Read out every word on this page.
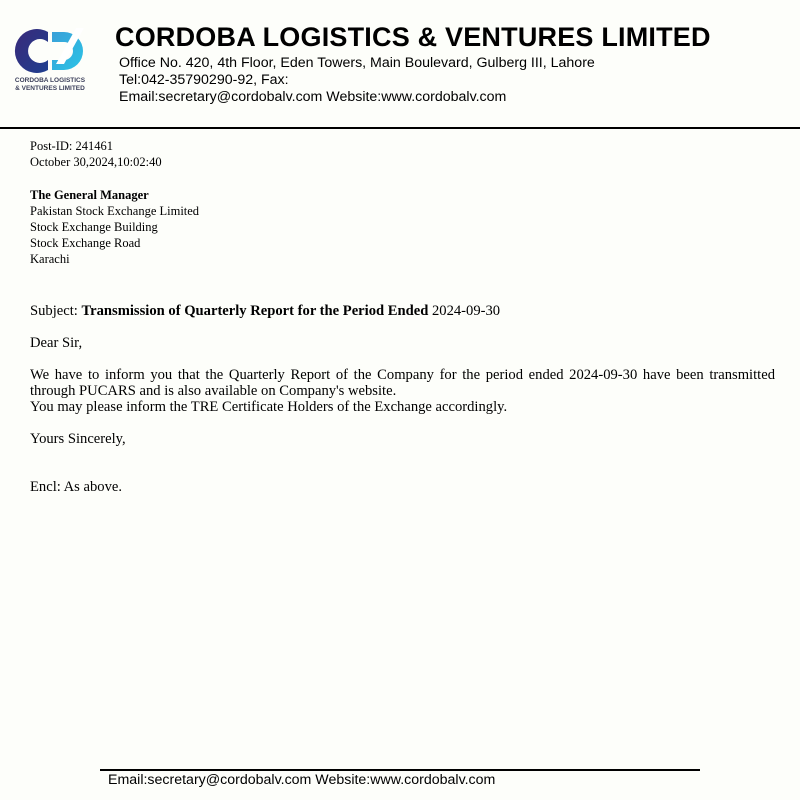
CORDOBA LOGISTICS
& VENTURES LIMITED
CORDOBA LOGISTICS & VENTURES LIMITED
Office No. 420, 4th Floor, Eden Towers, Main Boulevard, Gulberg III, Lahore
Tel:042-35790290-92, Fax:
Email:secretary@cordobalv.com Website:www.cordobalv.com
Post-ID: 241461
October 30,2024,10:02:40
The General Manager
Pakistan Stock Exchange Limited
Stock Exchange Building
Stock Exchange Road
Karachi
Subject: Transmission of Quarterly Report for the Period Ended 2024-09-30
Dear Sir,
We have to inform you that the Quarterly Report of the Company for the period ended 2024-09-30 have been transmitted through PUCARS and is also available on Company's website.
You may please inform the TRE Certificate Holders of the Exchange accordingly.
Yours Sincerely,
Encl: As above.
Email:secretary@cordobalv.com Website:www.cordobalv.com
